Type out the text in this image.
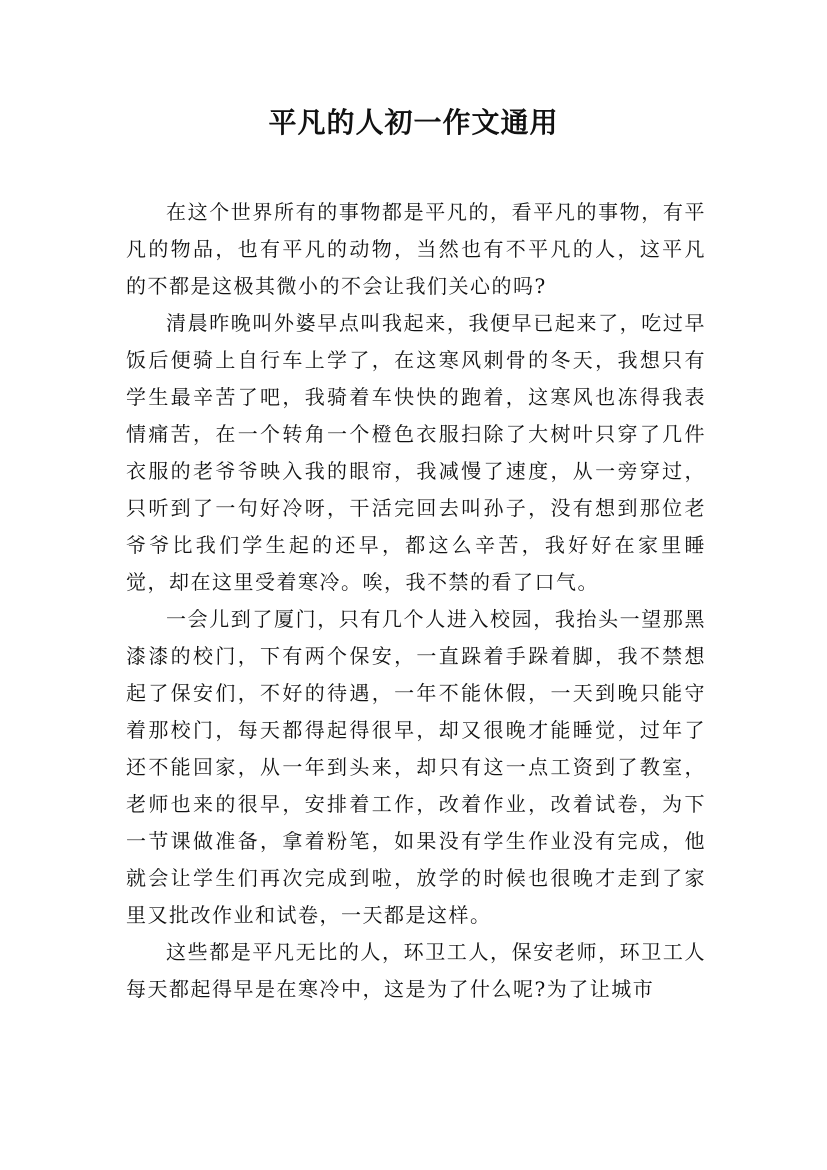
平凡的人初一作文通用

在这个世界所有的事物都是平凡的，看平凡的事物，有平凡的物品，也有平凡的动物，当然也有不平凡的人，这平凡的不都是这极其微小的不会让我们关心的吗?

清晨昨晚叫外婆早点叫我起来，我便早已起来了，吃过早饭后便骑上自行车上学了，在这寒风刺骨的冬天，我想只有学生最辛苦了吧，我骑着车快快的跑着，这寒风也冻得我表情痛苦，在一个转角一个橙色衣服扫除了大树叶只穿了几件衣服的老爷爷映入我的眼帘，我减慢了速度，从一旁穿过，只听到了一句好冷呀，干活完回去叫孙子，没有想到那位老爷爷比我们学生起的还早，都这么辛苦，我好好在家里睡觉，却在这里受着寒冷。唉，我不禁的看了口气。

一会儿到了厦门，只有几个人进入校园，我抬头一望那黑漆漆的校门，下有两个保安，一直跺着手跺着脚，我不禁想起了保安们，不好的待遇，一年不能休假，一天到晚只能守着那校门，每天都得起得很早，却又很晚才能睡觉，过年了还不能回家，从一年到头来，却只有这一点工资到了教室，老师也来的很早，安排着工作，改着作业，改着试卷，为下一节课做准备，拿着粉笔，如果没有学生作业没有完成，他就会让学生们再次完成到啦，放学的时候也很晚才走到了家里又批改作业和试卷，一天都是这样。

这些都是平凡无比的人，环卫工人，保安老师，环卫工人每天都起得早是在寒冷中，这是为了什么呢?为了让城市
